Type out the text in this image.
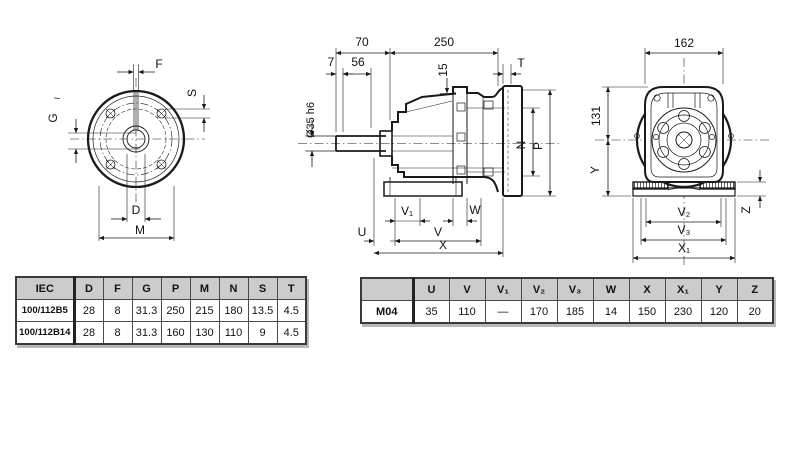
F
S
G
~
D
M
70	250
7 56
15	T
Ø35 h6
N P
V₁	W
U	V
X
162
131
Y
Z
V₂
V₃
X₁
IEC	D	F	G	P	M	N	S	T
100/112B5	28	8	31.3	250	215	180	13.5	4.5
100/112B14	28	8	31.3	160	130	110	9	4.5
	U	V	V₁	V₂	V₃	W	X	X₁	Y	Z
M04	35	110	—	170	185	14	150	230	120	20
